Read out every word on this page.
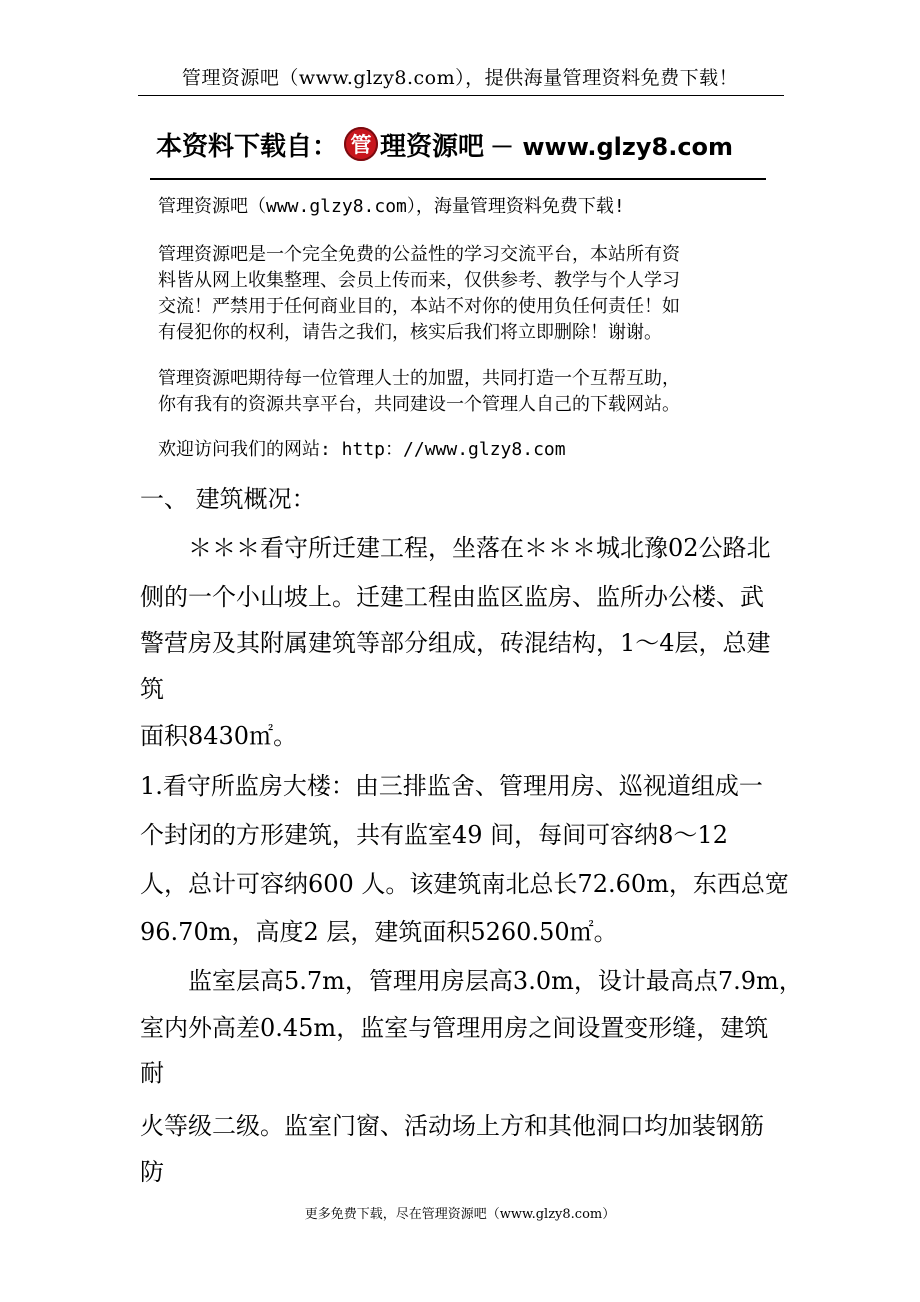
管理资源吧（www.glzy8.com），提供海量管理资料免费下载！
本资料下载自： 管 理资源吧 － www.glzy8.com

管理资源吧（www.glzy8.com），海量管理资料免费下载!

管理资源吧是一个完全免费的公益性的学习交流平台，本站所有资

料皆从网上收集整理、会员上传而来，仅供参考、教学与个人学习

交流！严禁用于任何商业目的，本站不对你的使用负任何责任！如

有侵犯你的权利，请告之我们，核实后我们将立即删除！谢谢。

管理资源吧期待每一位管理人士的加盟，共同打造一个互帮互助，

你有我有的资源共享平台，共同建设一个管理人自己的下载网站。

欢迎访问我们的网站: http：//www.glzy8.com

一、 建筑概况：

　　＊＊＊看守所迁建工程，坐落在＊＊＊城北豫02公路北

侧的一个小山坡上。迁建工程由监区监房、监所办公楼、武

警营房及其附属建筑等部分组成，砖混结构，1～4层，总建

筑

面积8430㎡。

1.看守所监房大楼：由三排监舍、管理用房、巡视道组成一

个封闭的方形建筑，共有监室49 间，每间可容纳8～12

人，总计可容纳600 人。该建筑南北总长72.60m，东西总宽

96.70m，高度2 层，建筑面积5260.50㎡。

　　监室层高5.7m，管理用房层高3.0m，设计最高点7.9m，

室内外高差0.45m，监室与管理用房之间设置变形缝，建筑

耐

火等级二级。监室门窗、活动场上方和其他洞口均加装钢筋

防

更多免费下载，尽在管理资源吧（www.glzy8.com）
